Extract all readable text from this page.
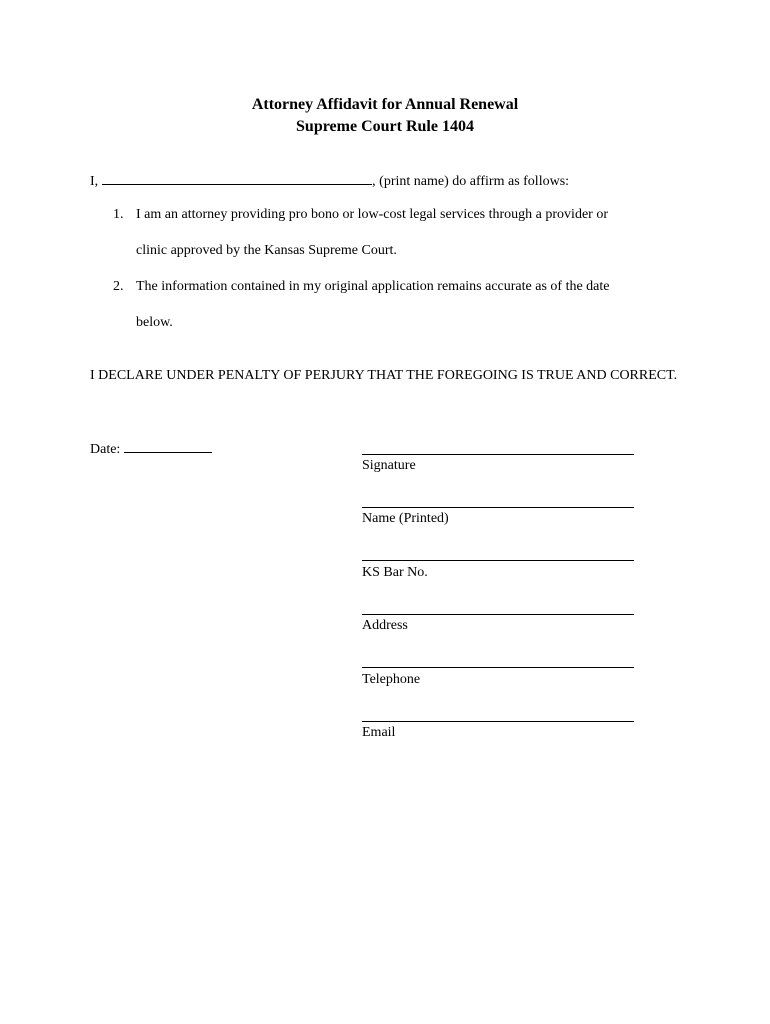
Attorney Affidavit for Annual Renewal
Supreme Court Rule 1404
I,	, (print name) do affirm as follows:
1. I am an attorney providing pro bono or low-cost legal services through a provider or
clinic approved by the Kansas Supreme Court.
2. The information contained in my original application remains accurate as of the date
below.
I DECLARE UNDER PENALTY OF PERJURY THAT THE FOREGOING IS TRUE AND CORRECT.
Date:
Signature
Name (Printed)
KS Bar No.
Address
Telephone
Email
